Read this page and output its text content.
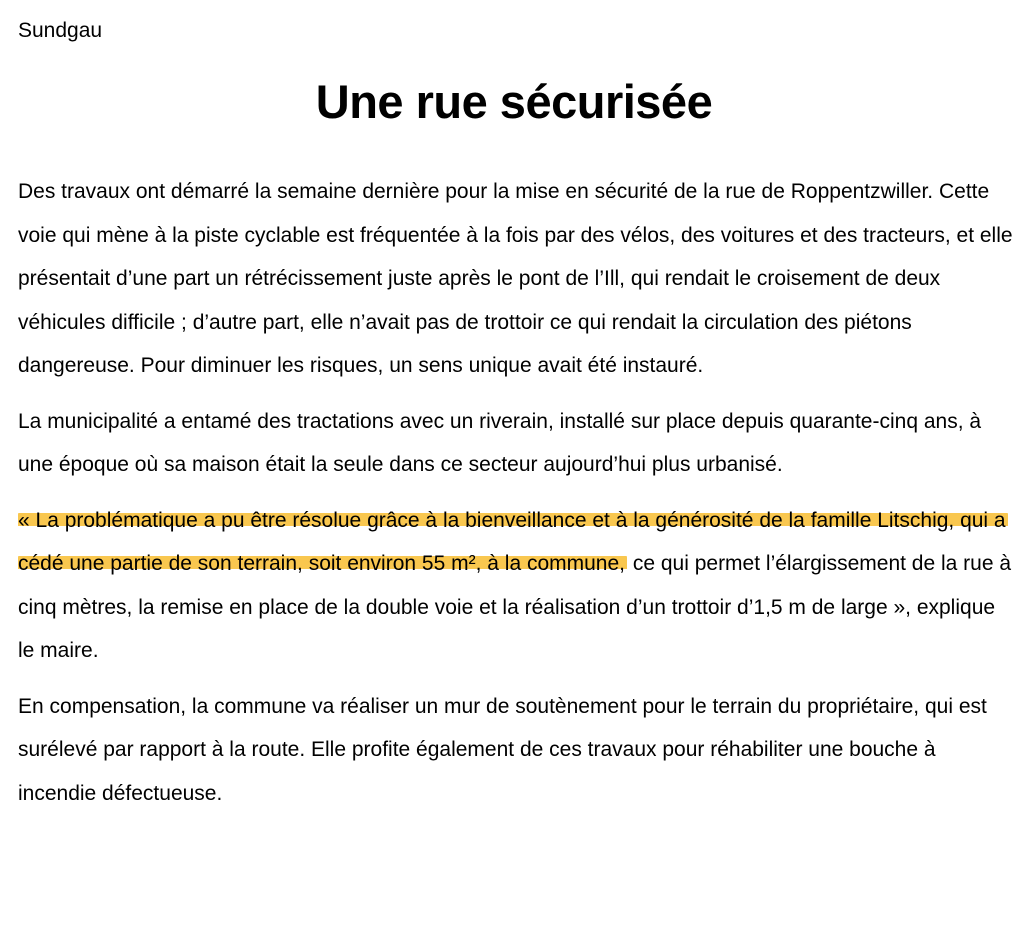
Sundgau

Une rue sécurisée

Des travaux ont démarré la semaine dernière pour la mise en sécurité de la rue de Roppentzwiller. Cette voie qui mène à la piste cyclable est fréquentée à la fois par des vélos, des voitures et des tracteurs, et elle présentait d’une part un rétrécissement juste après le pont de l’Ill, qui rendait le croisement de deux véhicules difficile ; d’autre part, elle n’avait pas de trottoir ce qui rendait la circulation des piétons dangereuse. Pour diminuer les risques, un sens unique avait été instauré.

La municipalité a entamé des tractations avec un riverain, installé sur place depuis quarante-cinq ans, à une époque où sa maison était la seule dans ce secteur aujourd’hui plus urbanisé.

« La problématique a pu être résolue grâce à la bienveillance et à la générosité de la famille Litschig, qui a cédé une partie de son terrain, soit environ 55 m², à la commune, ce qui permet l’élargissement de la rue à cinq mètres, la remise en place de la double voie et la réalisation d’un trottoir d’1,5 m de large », explique le maire.

En compensation, la commune va réaliser un mur de soutènement pour le terrain du propriétaire, qui est surélevé par rapport à la route. Elle profite également de ces travaux pour réhabiliter une bouche à incendie défectueuse.
